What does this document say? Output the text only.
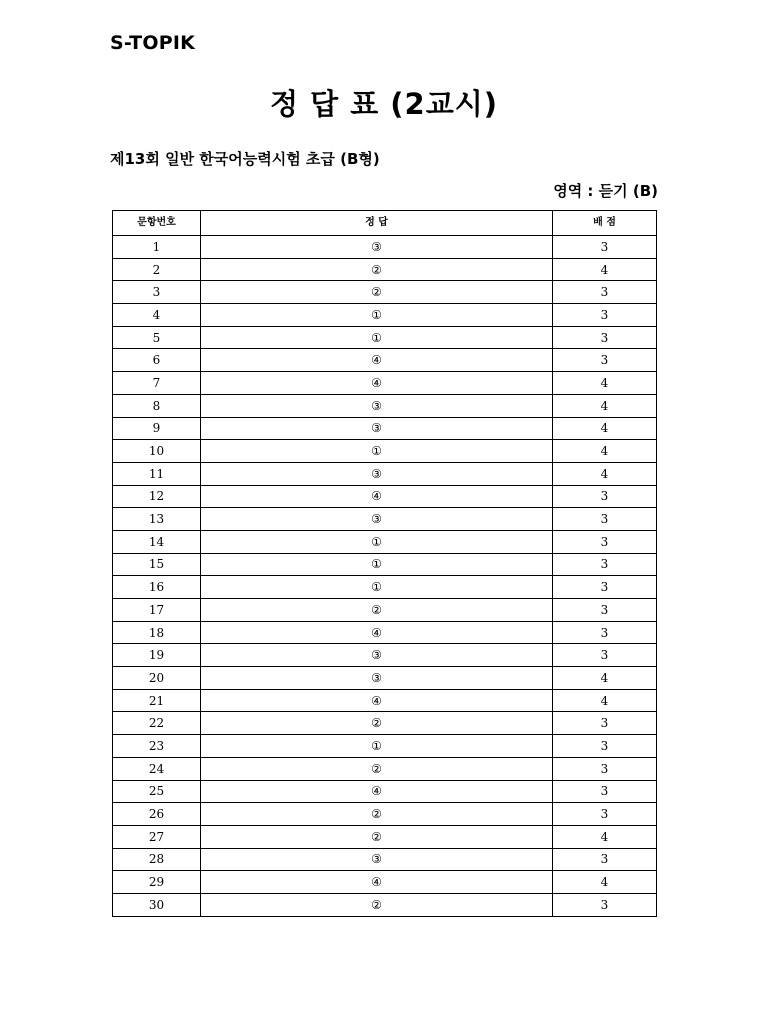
S-TOPIK
정 답 표 (2교시)
제13회 일반 한국어능력시험 초급 (B형)
영역 : 듣기 (B)
문항번호	정 답	배 점
1	③	3
2	②	4
3	②	3
4	①	3
5	①	3
6	④	3
7	④	4
8	③	4
9	③	4
10	①	4
11	③	4
12	④	3
13	③	3
14	①	3
15	①	3
16	①	3
17	②	3
18	④	3
19	③	3
20	③	4
21	④	4
22	②	3
23	①	3
24	②	3
25	④	3
26	②	3
27	②	4
28	③	3
29	④	4
30	②	3
